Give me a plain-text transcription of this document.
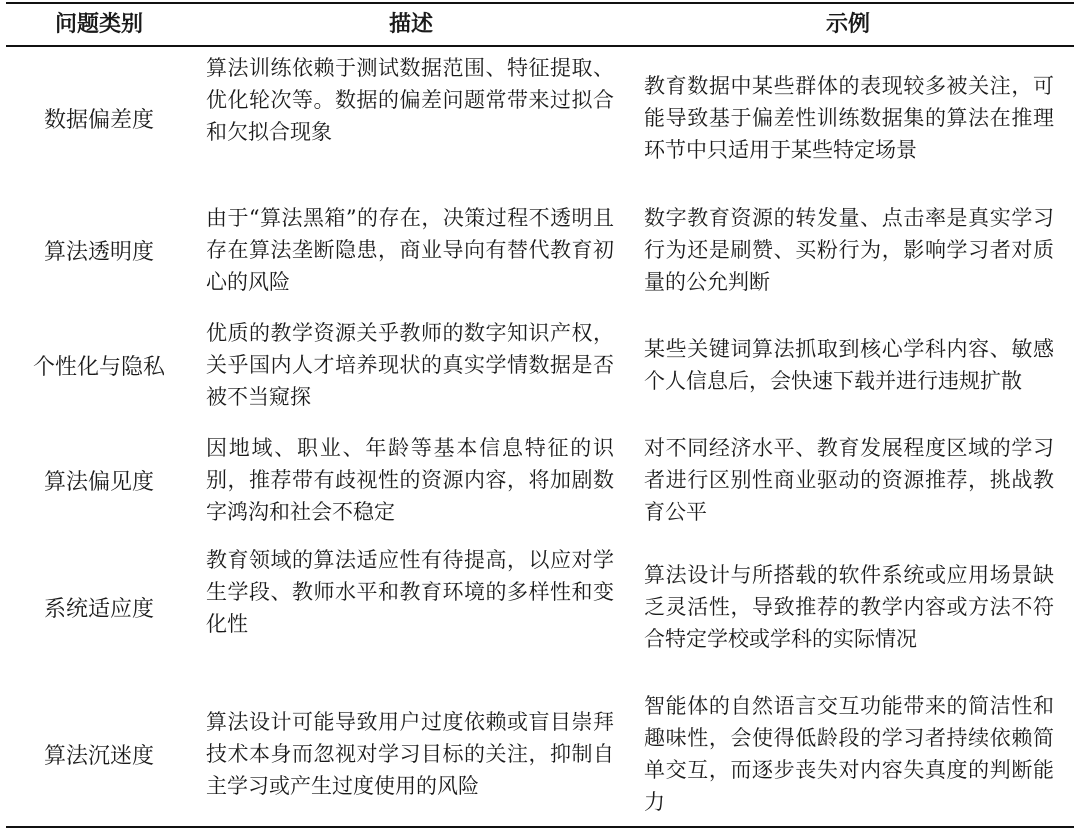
问题类别	描述	示例
数据偏差度
算法训练依赖于测试数据范围、特征提取、优化轮次等。数据的偏差问题常带来过拟合和欠拟合现象
教育数据中某些群体的表现较多被关注，可能导致基于偏差性训练数据集的算法在推理环节中只适用于某些特定场景
算法透明度
由于“算法黑箱”的存在，决策过程不透明且存在算法垄断隐患，商业导向有替代教育初心的风险
数字教育资源的转发量、点击率是真实学习行为还是刷赞、买粉行为，影响学习者对质量的公允判断
个性化与隐私
优质的教学资源关乎教师的数字知识产权，关乎国内人才培养现状的真实学情数据是否被不当窥探
某些关键词算法抓取到核心学科内容、敏感个人信息后，会快速下载并进行违规扩散
算法偏见度
因地域、职业、年龄等基本信息特征的识别，推荐带有歧视性的资源内容，将加剧数字鸿沟和社会不稳定
对不同经济水平、教育发展程度区域的学习者进行区别性商业驱动的资源推荐，挑战教育公平
系统适应度
教育领域的算法适应性有待提高，以应对学生学段、教师水平和教育环境的多样性和变化性
算法设计与所搭载的软件系统或应用场景缺乏灵活性，导致推荐的教学内容或方法不符合特定学校或学科的实际情况
算法沉迷度
算法设计可能导致用户过度依赖或盲目崇拜技术本身而忽视对学习目标的关注，抑制自主学习或产生过度使用的风险
智能体的自然语言交互功能带来的简洁性和趣味性，会使得低龄段的学习者持续依赖简单交互，而逐步丧失对内容失真度的判断能力
